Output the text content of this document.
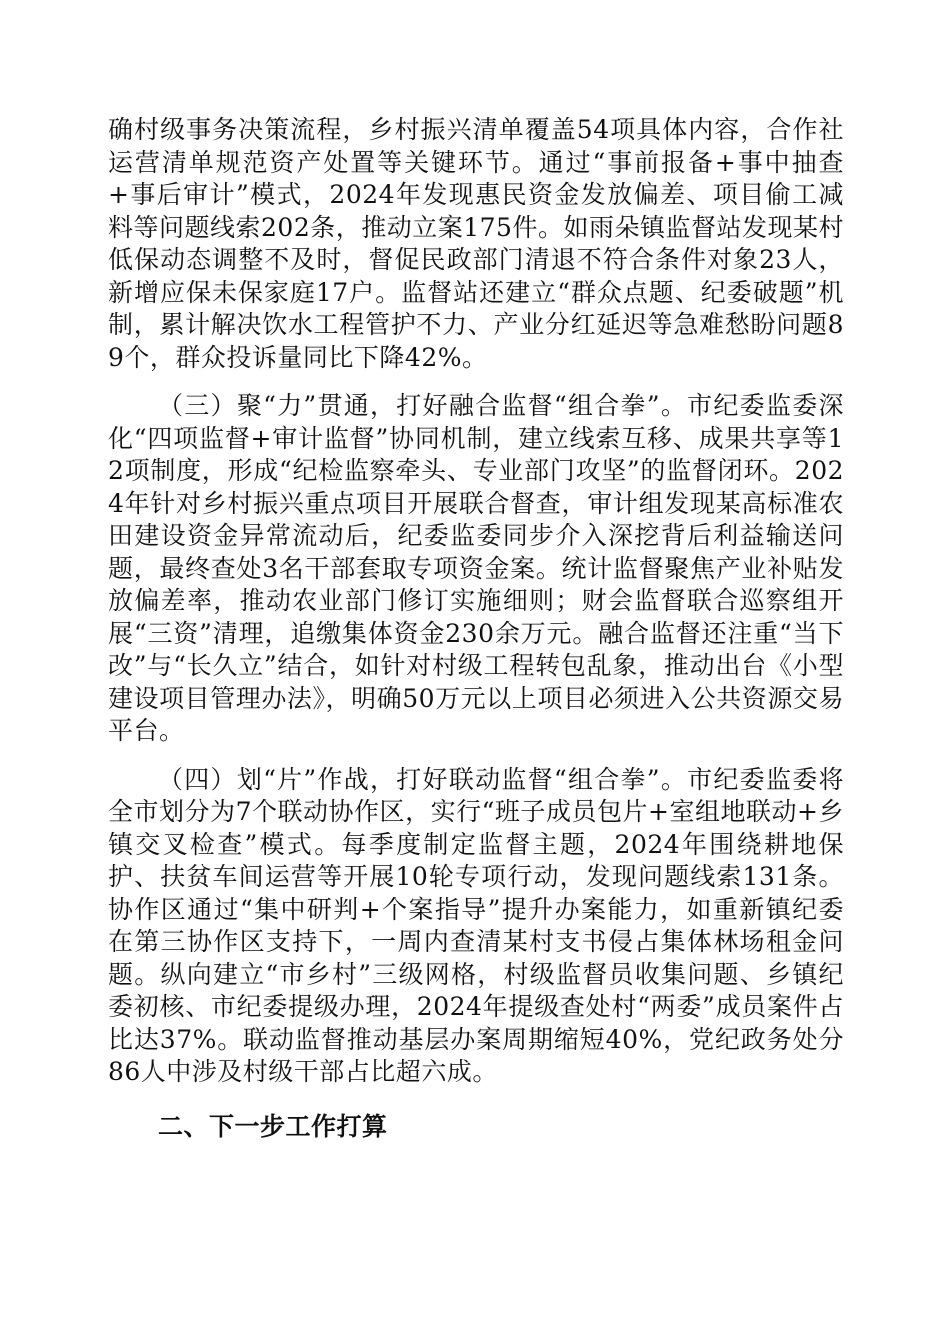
确村级事务决策流程，乡村振兴清单覆盖54项具体内容，合作社运营清单规范资产处置等关键环节。通过“事前报备+事中抽查+事后审计”模式，2024年发现惠民资金发放偏差、项目偷工减料等问题线索202条，推动立案175件。如雨朵镇监督站发现某村低保动态调整不及时，督促民政部门清退不符合条件对象23人，新增应保未保家庭17户。监督站还建立“群众点题、纪委破题”机制，累计解决饮水工程管护不力、产业分红延迟等急难愁盼问题89个，群众投诉量同比下降42%。

（三）聚“力”贯通，打好融合监督“组合拳”。市纪委监委深化“四项监督+审计监督”协同机制，建立线索互移、成果共享等12项制度，形成“纪检监察牵头、专业部门攻坚”的监督闭环。2024年针对乡村振兴重点项目开展联合督查，审计组发现某高标准农田建设资金异常流动后，纪委监委同步介入深挖背后利益输送问题，最终查处3名干部套取专项资金案。统计监督聚焦产业补贴发放偏差率，推动农业部门修订实施细则；财会监督联合巡察组开展“三资”清理，追缴集体资金230余万元。融合监督还注重“当下改”与“长久立”结合，如针对村级工程转包乱象，推动出台《小型建设项目管理办法》，明确50万元以上项目必须进入公共资源交易平台。

（四）划“片”作战，打好联动监督“组合拳”。市纪委监委将全市划分为7个联动协作区，实行“班子成员包片+室组地联动+乡镇交叉检查”模式。每季度制定监督主题，2024年围绕耕地保护、扶贫车间运营等开展10轮专项行动，发现问题线索131条。协作区通过“集中研判+个案指导”提升办案能力，如重新镇纪委在第三协作区支持下，一周内查清某村支书侵占集体林场租金问题。纵向建立“市乡村”三级网格，村级监督员收集问题、乡镇纪委初核、市纪委提级办理，2024年提级查处村“两委”成员案件占比达37%。联动监督推动基层办案周期缩短40%，党纪政务处分86人中涉及村级干部占比超六成。

二、下一步工作打算
